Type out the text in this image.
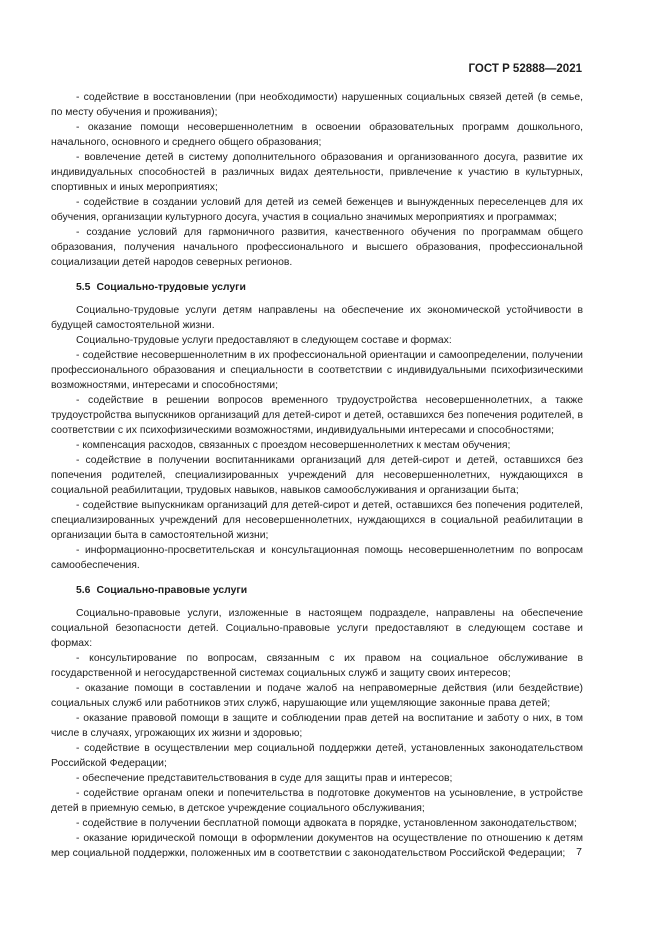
ГОСТ Р 52888—2021

- содействие в восстановлении (при необходимости) нарушенных социальных связей детей (в семье, по месту обучения и проживания);

- оказание помощи несовершеннолетним в освоении образовательных программ дошкольного, начального, основного и среднего общего образования;

- вовлечение детей в систему дополнительного образования и организованного досуга, развитие их индивидуальных способностей в различных видах деятельности, привлечение к участию в культурных, спортивных и иных мероприятиях;

- содействие в создании условий для детей из семей беженцев и вынужденных переселенцев для их обучения, организации культурного досуга, участия в социально значимых мероприятиях и программах;

- создание условий для гармоничного развития, качественного обучения по программам общего образования, получения начального профессионального и высшего образования, профессиональной социализации детей народов северных регионов.

5.5 Социально-трудовые услуги

Социально-трудовые услуги детям направлены на обеспечение их экономической устойчивости в будущей самостоятельной жизни.

Социально-трудовые услуги предоставляют в следующем составе и формах:

- содействие несовершеннолетним в их профессиональной ориентации и самоопределении, получении профессионального образования и специальности в соответствии с индивидуальными психофизическими возможностями, интересами и способностями;

- содействие в решении вопросов временного трудоустройства несовершеннолетних, а также трудоустройства выпускников организаций для детей-сирот и детей, оставшихся без попечения родителей, в соответствии с их психофизическими возможностями, индивидуальными интересами и способностями;

- компенсация расходов, связанных с проездом несовершеннолетних к местам обучения;

- содействие в получении воспитанниками организаций для детей-сирот и детей, оставшихся без попечения родителей, специализированных учреждений для несовершеннолетних, нуждающихся в социальной реабилитации, трудовых навыков, навыков самообслуживания и организации быта;

- содействие выпускникам организаций для детей-сирот и детей, оставшихся без попечения родителей, специализированных учреждений для несовершеннолетних, нуждающихся в социальной реабилитации в организации быта в самостоятельной жизни;

- информационно-просветительская и консультационная помощь несовершеннолетним по вопросам самообеспечения.

5.6 Социально-правовые услуги

Социально-правовые услуги, изложенные в настоящем подразделе, направлены на обеспечение социальной безопасности детей. Социально-правовые услуги предоставляют в следующем составе и формах:

- консультирование по вопросам, связанным с их правом на социальное обслуживание в государственной и негосударственной системах социальных служб и защиту своих интересов;

- оказание помощи в составлении и подаче жалоб на неправомерные действия (или бездействие) социальных служб или работников этих служб, нарушающие или ущемляющие законные права детей;

- оказание правовой помощи в защите и соблюдении прав детей на воспитание и заботу о них, в том числе в случаях, угрожающих их жизни и здоровью;

- содействие в осуществлении мер социальной поддержки детей, установленных законодательством Российской Федерации;

- обеспечение представительствования в суде для защиты прав и интересов;

- содействие органам опеки и попечительства в подготовке документов на усыновление, в устройстве детей в приемную семью, в детское учреждение социального обслуживания;

- содействие в получении бесплатной помощи адвоката в порядке, установленном законодательством;

- оказание юридической помощи в оформлении документов на осуществление по отношению к детям мер социальной поддержки, положенных им в соответствии с законодательством Российской Федерации;	7
